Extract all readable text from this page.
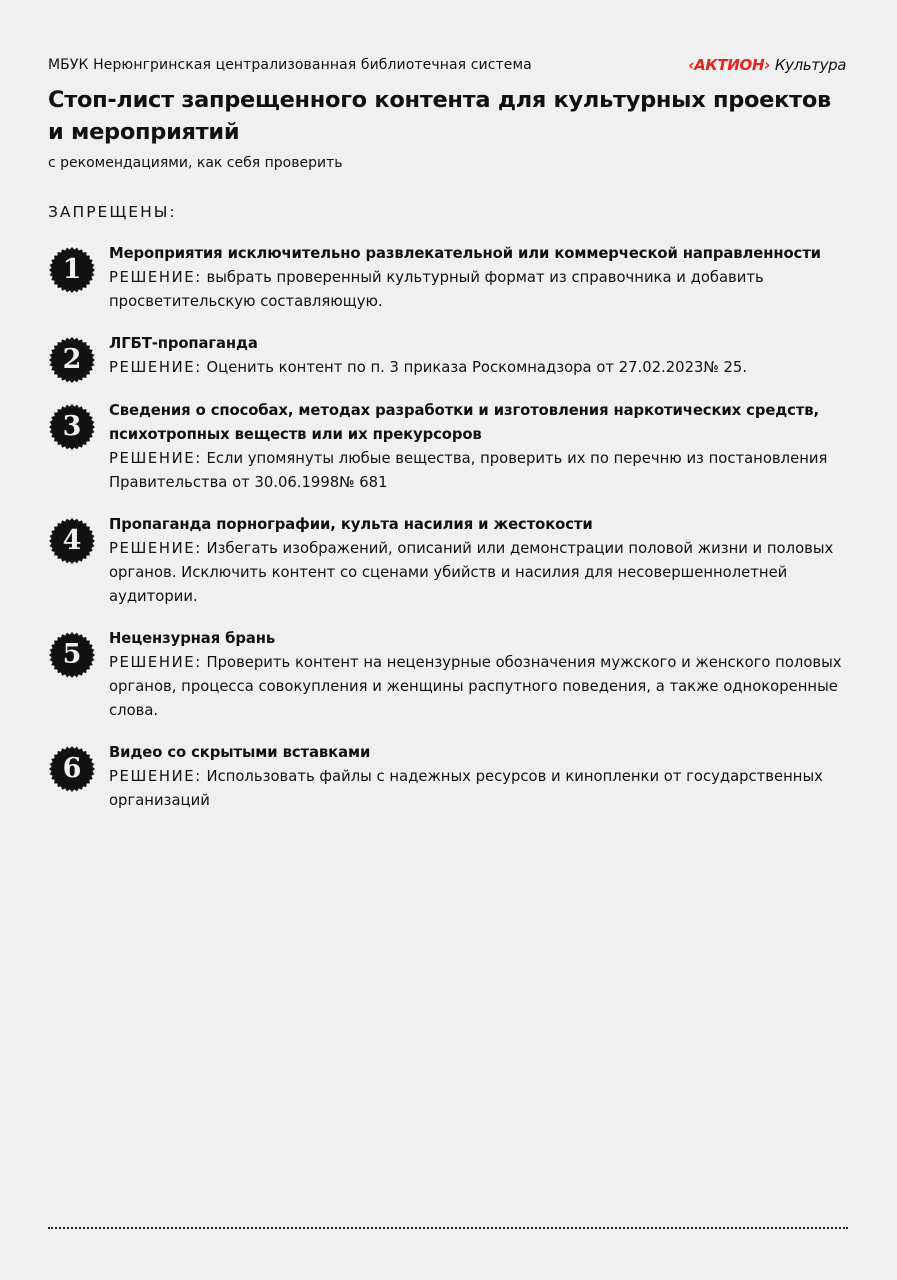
МБУК Нерюнгринская централизованная библиотечная система	‹АКТИОН› Культура
Стоп-лист запрещенного контента для культурных проектов и мероприятий
с рекомендациями, как себя проверить
ЗАПРЕЩЕНЫ:
1
Мероприятия исключительно развлекательной или коммерческой направленности
РЕШЕНИЕ: выбрать проверенный культурный формат из справочника и добавить просветительскую составляющую.
2
ЛГБТ-пропаганда
РЕШЕНИЕ: Оценить контент по п. 3 приказа Роскомнадзора от 27.02.2023№ 25.
3
Сведения о способах, методах разработки и изготовления наркотических средств, психотропных веществ или их прекурсоров
РЕШЕНИЕ: Если упомянуты любые вещества, проверить их по перечню из постановления Правительства от 30.06.1998№ 681
4
Пропаганда порнографии, культа насилия и жестокости
РЕШЕНИЕ: Избегать изображений, описаний или демонстрации половой жизни и половых органов. Исключить контент со сценами убийств и насилия для несовершеннолетней аудитории.
5
Нецензурная брань
РЕШЕНИЕ: Проверить контент на нецензурные обозначения мужского и женского половых органов, процесса совокупления и женщины распутного поведения, а также однокоренные слова.
6
Видео со скрытыми вставками
РЕШЕНИЕ: Использовать файлы с надежных ресурсов и кинопленки от государственных организаций
